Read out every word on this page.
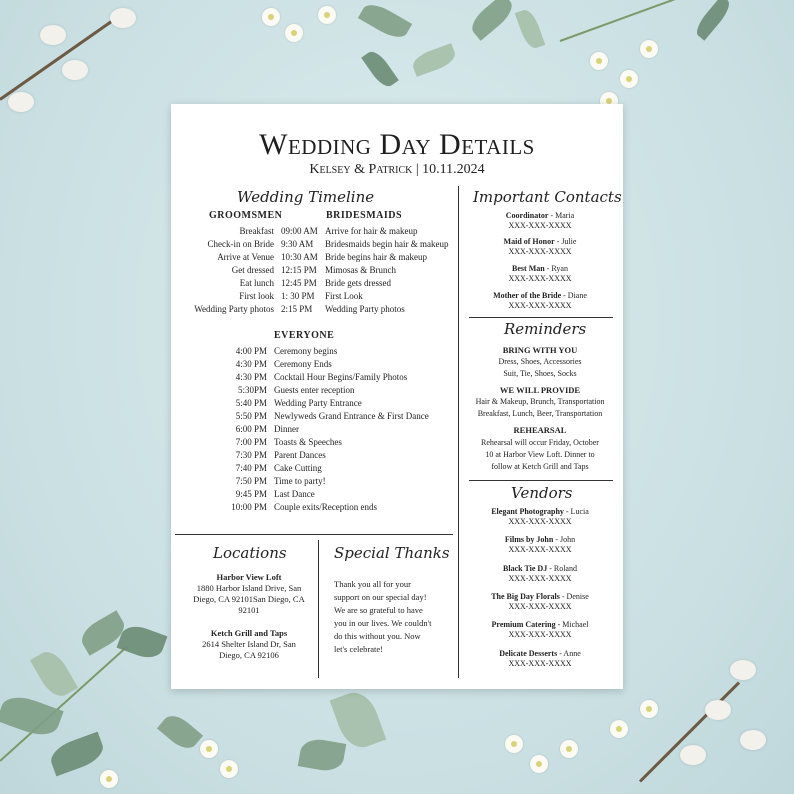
Wedding Day Details
Kelsey & Patrick | 10.11.2024
Wedding Timeline
GROOMSMEN	BRIDESMAIDS
Breakfast 09:00 AM Arrive for hair & makeup
Check-in on Bride 9:30 AM Bridesmaids begin hair & makeup
Arrive at Venue 10:30 AM Bride begins hair & makeup
Get dressed 12:15 PM Mimosas & Brunch
Eat lunch 12:45 PM Bride gets dressed
First look 1: 30 PM First Look
Wedding Party photos 2:15 PM Wedding Party photos
EVERYONE
4:00 PM Ceremony begins
4:30 PM Ceremony Ends
4:30 PM Cocktail Hour Begins/Family Photos
5:30PM Guests enter reception
5:40 PM Wedding Party Entrance
5:50 PM Newlyweds Grand Entrance & First Dance
6:00 PM Dinner
7:00 PM Toasts & Speeches
7:30 PM Parent Dances
7:40 PM Cake Cutting
7:50 PM Time to party!
9:45 PM Last Dance
10:00 PM Couple exits/Reception ends
Important Contacts
Coordinator - Maria
XXX-XXX-XXXX
Maid of Honor - Julie
XXX-XXX-XXXX
Best Man - Ryan
XXX-XXX-XXXX
Mother of the Bride - Diane
XXX-XXX-XXXX
Reminders
BRING WITH YOU
Dress, Shoes, Accessories
Suit, Tie, Shoes, Socks
WE WILL PROVIDE
Hair & Makeup, Brunch, Transportation
Breakfast, Lunch, Beer, Transportation
REHEARSAL
Rehearsal will occur Friday, October
10 at Harbor View Loft. Dinner to
follow at Ketch Grill and Taps
Vendors
Elegant Photography - Lucia
XXX-XXX-XXXX
Films by John - John
XXX-XXX-XXXX
Black Tie DJ - Roland
XXX-XXX-XXXX
The Big Day Florals - Denise
XXX-XXX-XXXX
Premium Catering - Michael
XXX-XXX-XXXX
Delicate Desserts - Anne
XXX-XXX-XXXX
Locations
Harbor View Loft
1880 Harbor Island Drive, San
Diego, CA 92101San Diego, CA
92101
Ketch Grill and Taps
2614 Shelter Island Dr, San
Diego, CA 92106
Special Thanks
Thank you all for your
support on our special day!
We are so grateful to have
you in our lives. We couldn't
do this without you. Now
let's celebrate!
